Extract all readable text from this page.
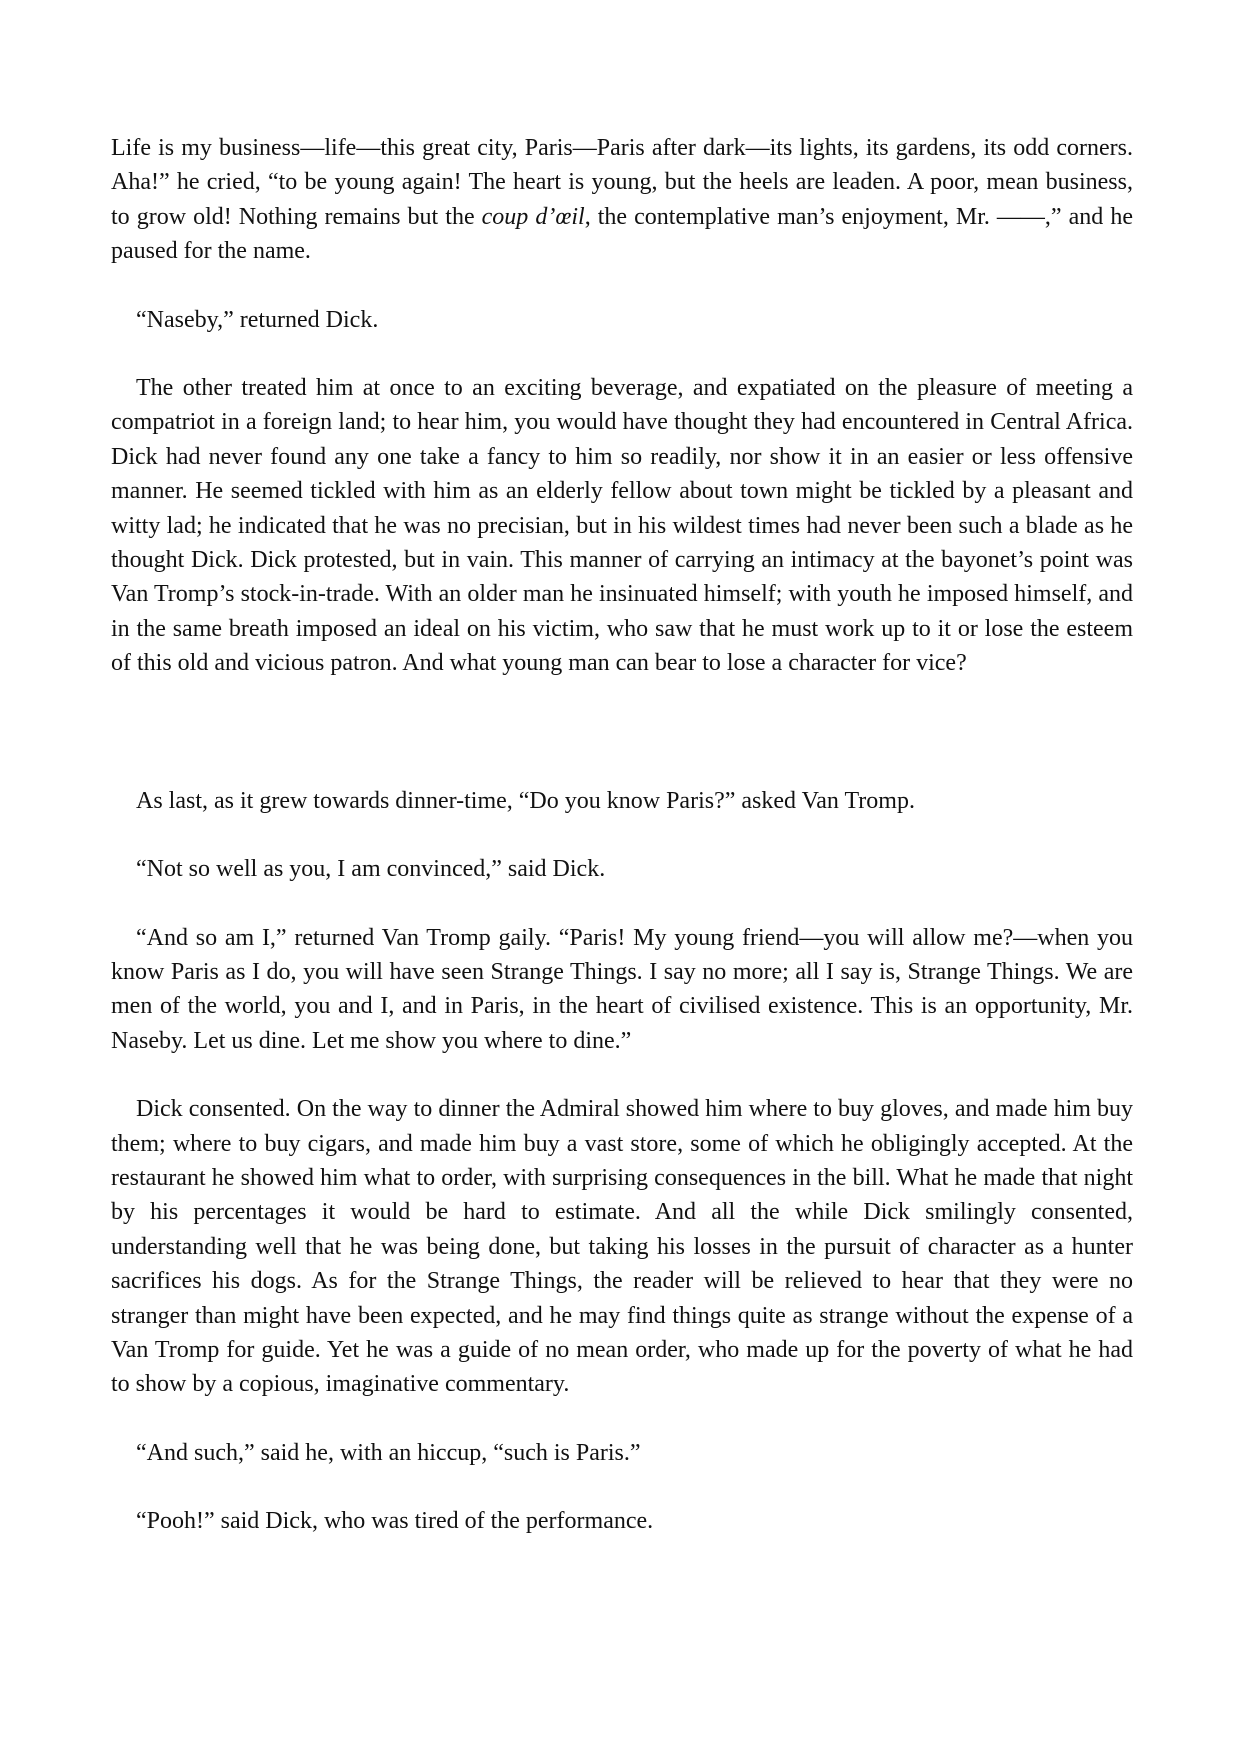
Life is my business—life—this great city, Paris—Paris after dark—its lights, its gardens, its odd corners. Aha!” he cried, “to be young again! The heart is young, but the heels are leaden. A poor, mean business, to grow old! Nothing remains but the coup d’œil, the contemplative man’s enjoyment, Mr. ——,” and he paused for the name.

“Naseby,” returned Dick.

The other treated him at once to an exciting beverage, and expatiated on the pleasure of meeting a compatriot in a foreign land; to hear him, you would have thought they had encountered in Central Africa. Dick had never found any one take a fancy to him so readily, nor show it in an easier or less offensive manner. He seemed tickled with him as an elderly fellow about town might be tickled by a pleasant and witty lad; he indicated that he was no precisian, but in his wildest times had never been such a blade as he thought Dick. Dick protested, but in vain. This manner of carrying an intimacy at the bayonet’s point was Van Tromp’s stock-in-trade. With an older man he insinuated himself; with youth he imposed himself, and in the same breath imposed an ideal on his victim, who saw that he must work up to it or lose the esteem of this old and vicious patron. And what young man can bear to lose a character for vice?

As last, as it grew towards dinner-time, “Do you know Paris?” asked Van Tromp.

“Not so well as you, I am convinced,” said Dick.

“And so am I,” returned Van Tromp gaily. “Paris! My young friend—you will allow me?—when you know Paris as I do, you will have seen Strange Things. I say no more; all I say is, Strange Things. We are men of the world, you and I, and in Paris, in the heart of civilised existence. This is an opportunity, Mr. Naseby. Let us dine. Let me show you where to dine.”

Dick consented. On the way to dinner the Admiral showed him where to buy gloves, and made him buy them; where to buy cigars, and made him buy a vast store, some of which he obligingly accepted. At the restaurant he showed him what to order, with surprising consequences in the bill. What he made that night by his percentages it would be hard to estimate. And all the while Dick smilingly consented, understanding well that he was being done, but taking his losses in the pursuit of character as a hunter sacrifices his dogs. As for the Strange Things, the reader will be relieved to hear that they were no stranger than might have been expected, and he may find things quite as strange without the expense of a Van Tromp for guide. Yet he was a guide of no mean order, who made up for the poverty of what he had to show by a copious, imaginative commentary.

“And such,” said he, with an hiccup, “such is Paris.”

“Pooh!” said Dick, who was tired of the performance.
